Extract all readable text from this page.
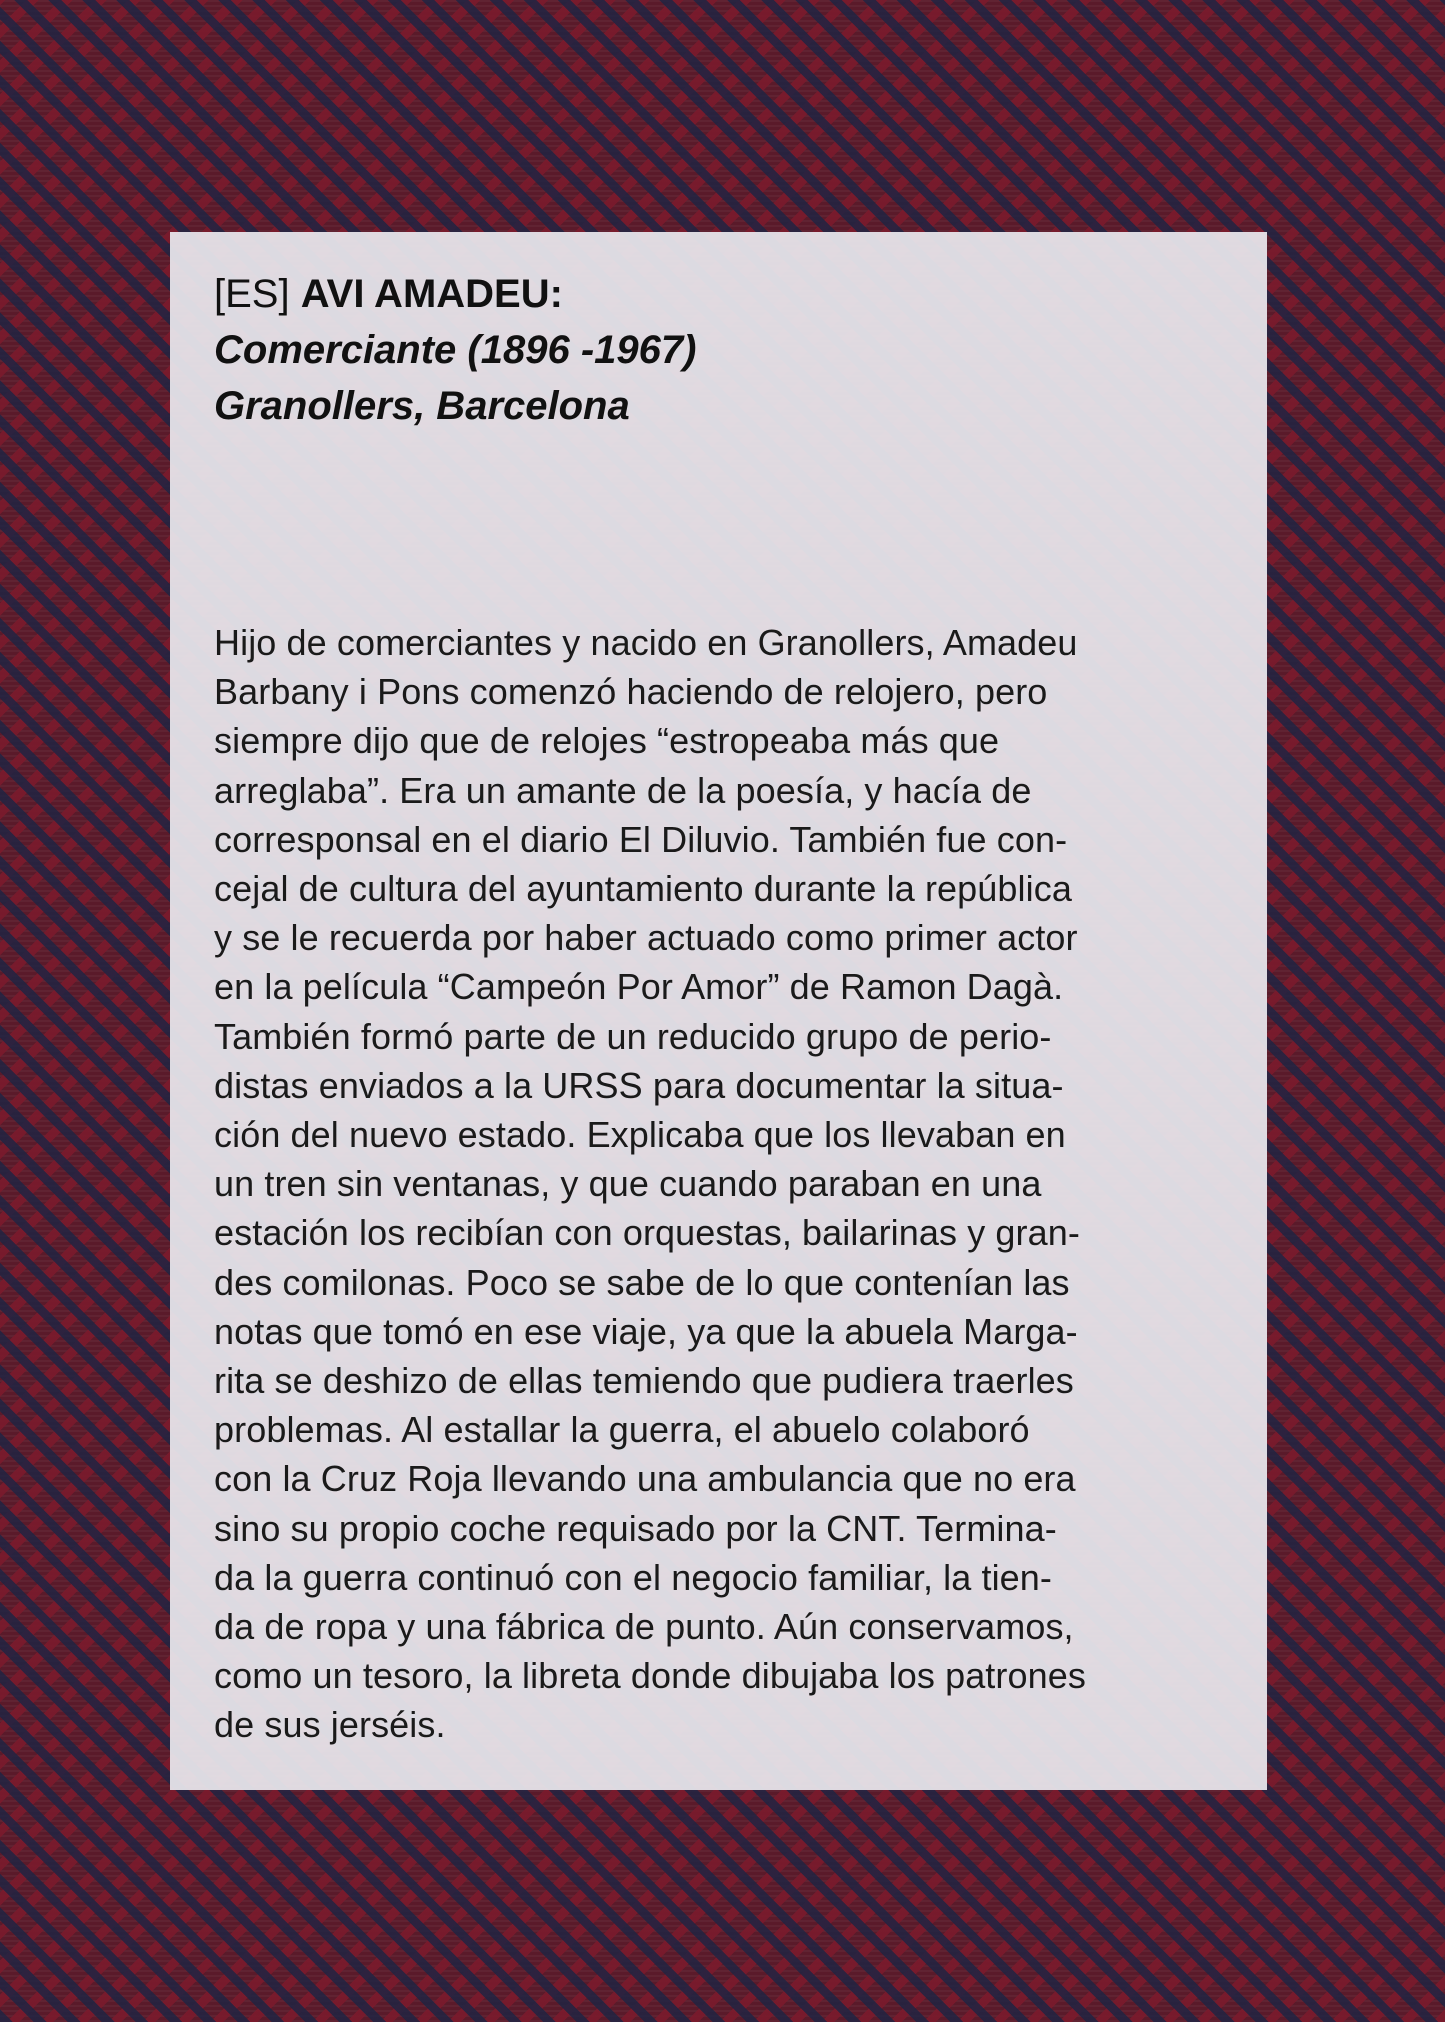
[ES] AVI AMADEU:
Comerciante (1896 -1967)
Granollers, Barcelona
Hijo de comerciantes y nacido en Granollers, Amadeu
Barbany i Pons comenzó haciendo de relojero, pero
siempre dijo que de relojes “estropeaba más que
arreglaba”. Era un amante de la poesía, y hacía de
corresponsal en el diario El Diluvio. También fue con-
cejal de cultura del ayuntamiento durante la república
y se le recuerda por haber actuado como primer actor
en la película “Campeón Por Amor” de Ramon Dagà.
También formó parte de un reducido grupo de perio-
distas enviados a la URSS para documentar la situa-
ción del nuevo estado. Explicaba que los llevaban en
un tren sin ventanas, y que cuando paraban en una
estación los recibían con orquestas, bailarinas y gran-
des comilonas. Poco se sabe de lo que contenían las
notas que tomó en ese viaje, ya que la abuela Marga-
rita se deshizo de ellas temiendo que pudiera traerles
problemas. Al estallar la guerra, el abuelo colaboró
con la Cruz Roja llevando una ambulancia que no era
sino su propio coche requisado por la CNT. Termina-
da la guerra continuó con el negocio familiar, la tien-
da de ropa y una fábrica de punto. Aún conservamos,
como un tesoro, la libreta donde dibujaba los patrones
de sus jerséis.
